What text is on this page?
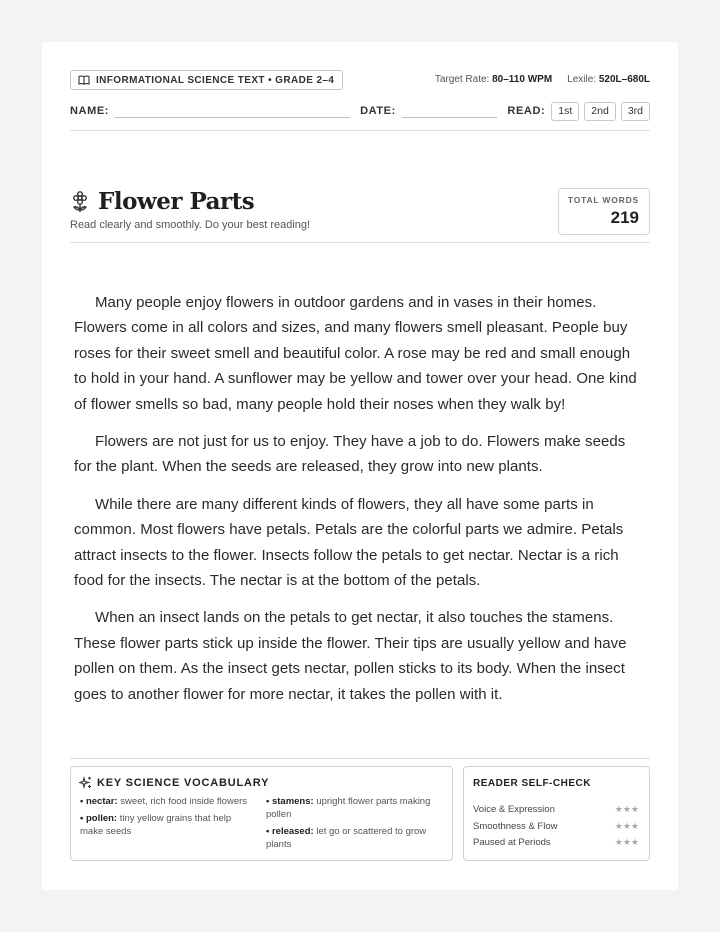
INFORMATIONAL SCIENCE TEXT • GRADE 2–4	Target Rate: 80–110 WPM Lexile: 520L–680L
NAME:	DATE:	READ:	1st	2nd	3rd
Flower Parts
Read clearly and smoothly. Do your best reading!
TOTAL WORDS
219

Many people enjoy flowers in outdoor gardens and in vases in their homes. Flowers come in all colors and sizes, and many flowers smell pleasant. People buy roses for their sweet smell and beautiful color. A rose may be red and small enough to hold in your hand. A sunflower may be yellow and tower over your head. One kind of flower smells so bad, many people hold their noses when they walk by!

Flowers are not just for us to enjoy. They have a job to do. Flowers make seeds for the plant. When the seeds are released, they grow into new plants.

While there are many different kinds of flowers, they all have some parts in common. Most flowers have petals. Petals are the colorful parts we admire. Petals attract insects to the flower. Insects follow the petals to get nectar. Nectar is a rich food for the insects. The nectar is at the bottom of the petals.

When an insect lands on the petals to get nectar, it also touches the stamens. These flower parts stick up inside the flower. Their tips are usually yellow and have pollen on them. As the insect gets nectar, pollen sticks to its body. When the insect goes to another flower for more nectar, it takes the pollen with it.

KEY SCIENCE VOCABULARY
• nectar: sweet, rich food inside flowers
• pollen: tiny yellow grains that help make seeds
• stamens: upright flower parts making pollen
• released: let go or scattered to grow plants
READER SELF-CHECK
Voice & Expression	★★★
Smoothness & Flow	★★★
Paused at Periods	★★★
